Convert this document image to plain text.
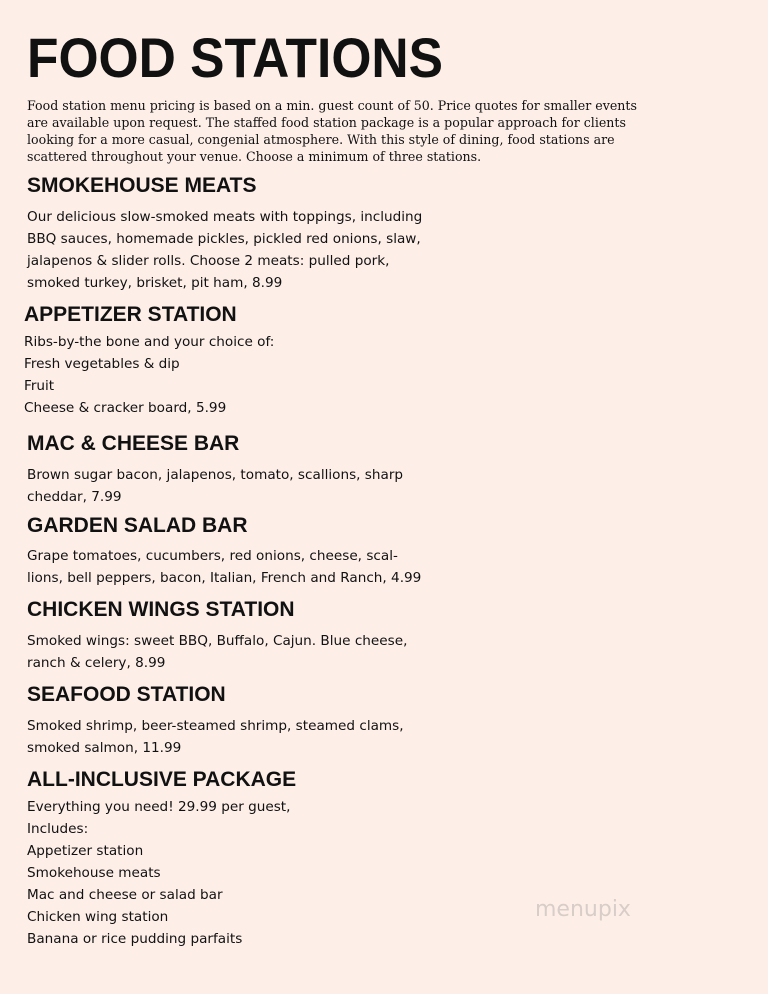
FOOD STATIONS

Food station menu pricing is based on a min. guest count of 50. Price quotes for smaller events
are available upon request. The staffed food station package is a popular approach for clients
looking for a more casual, congenial atmosphere. With this style of dining, food stations are
scattered throughout your venue. Choose a minimum of three stations.

SMOKEHOUSE MEATS

Our delicious slow-smoked meats with toppings, including
BBQ sauces, homemade pickles, pickled red onions, slaw,
jalapenos & slider rolls. Choose 2 meats: pulled pork,
smoked turkey, brisket, pit ham, 8.99

APPETIZER STATION

Ribs-by-the bone and your choice of:
Fresh vegetables & dip
Fruit
Cheese & cracker board, 5.99

MAC & CHEESE BAR

Brown sugar bacon, jalapenos, tomato, scallions, sharp
cheddar, 7.99

GARDEN SALAD BAR

Grape tomatoes, cucumbers, red onions, cheese, scal-
lions, bell peppers, bacon, Italian, French and Ranch, 4.99

CHICKEN WINGS STATION

Smoked wings: sweet BBQ, Buffalo, Cajun. Blue cheese,
ranch & celery, 8.99

SEAFOOD STATION

Smoked shrimp, beer-steamed shrimp, steamed clams,
smoked salmon, 11.99

ALL-INCLUSIVE PACKAGE

Everything you need! 29.99 per guest,
Includes:
Appetizer station
Smokehouse meats
Mac and cheese or salad bar
Chicken wing station
Banana or rice pudding parfaits

menupix
